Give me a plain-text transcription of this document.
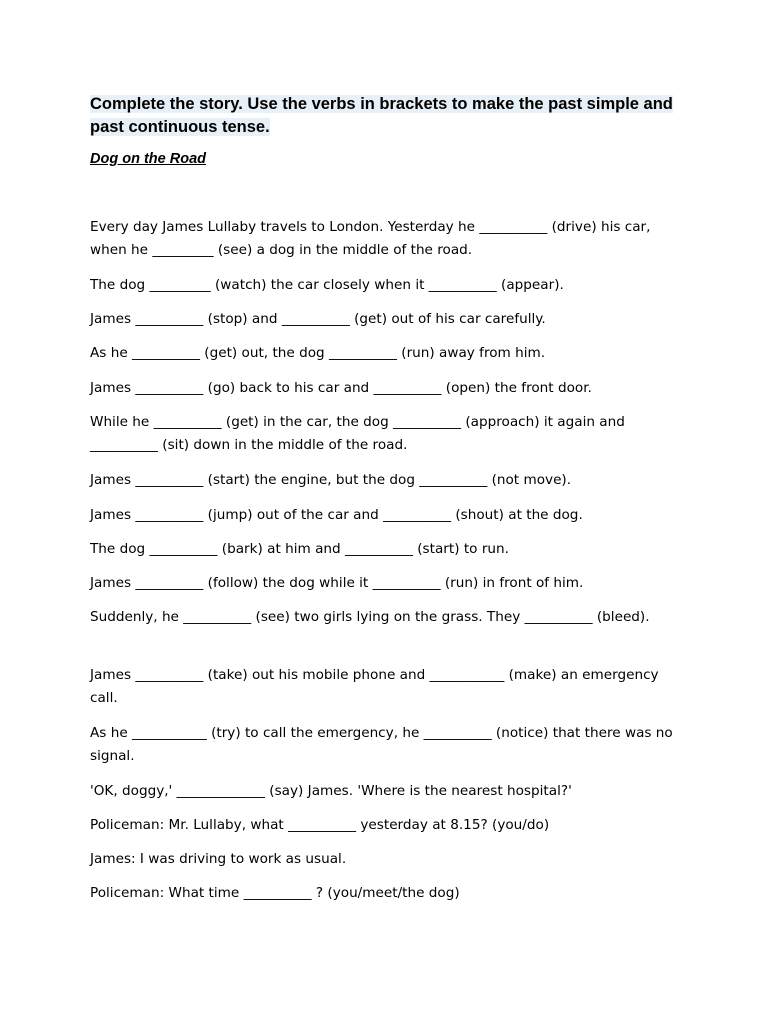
Complete the story. Use the verbs in brackets to make the past simple and past continuous tense.
Dog on the Road
Every day James Lullaby travels to London. Yesterday he __________ (drive) his car, when he _________ (see) a dog in the middle of the road.
The dog _________ (watch) the car closely when it __________ (appear).
James __________ (stop) and __________ (get) out of his car carefully.
As he __________ (get) out, the dog __________ (run) away from him.
James __________ (go) back to his car and __________ (open) the front door.
While he __________ (get) in the car, the dog __________ (approach) it again and __________ (sit) down in the middle of the road.
James __________ (start) the engine, but the dog __________ (not move).
James __________ (jump) out of the car and __________ (shout) at the dog.
The dog __________ (bark) at him and __________ (start) to run.
James __________ (follow) the dog while it __________ (run) in front of him.
Suddenly, he __________ (see) two girls lying on the grass. They __________ (bleed).
James __________ (take) out his mobile phone and ___________ (make) an emergency call.
As he ___________ (try) to call the emergency, he __________ (notice) that there was no signal.
'OK, doggy,' _____________ (say) James. 'Where is the nearest hospital?'
Policeman: Mr. Lullaby, what __________ yesterday at 8.15? (you/do)
James: I was driving to work as usual.
Policeman: What time __________ ? (you/meet/the dog)
